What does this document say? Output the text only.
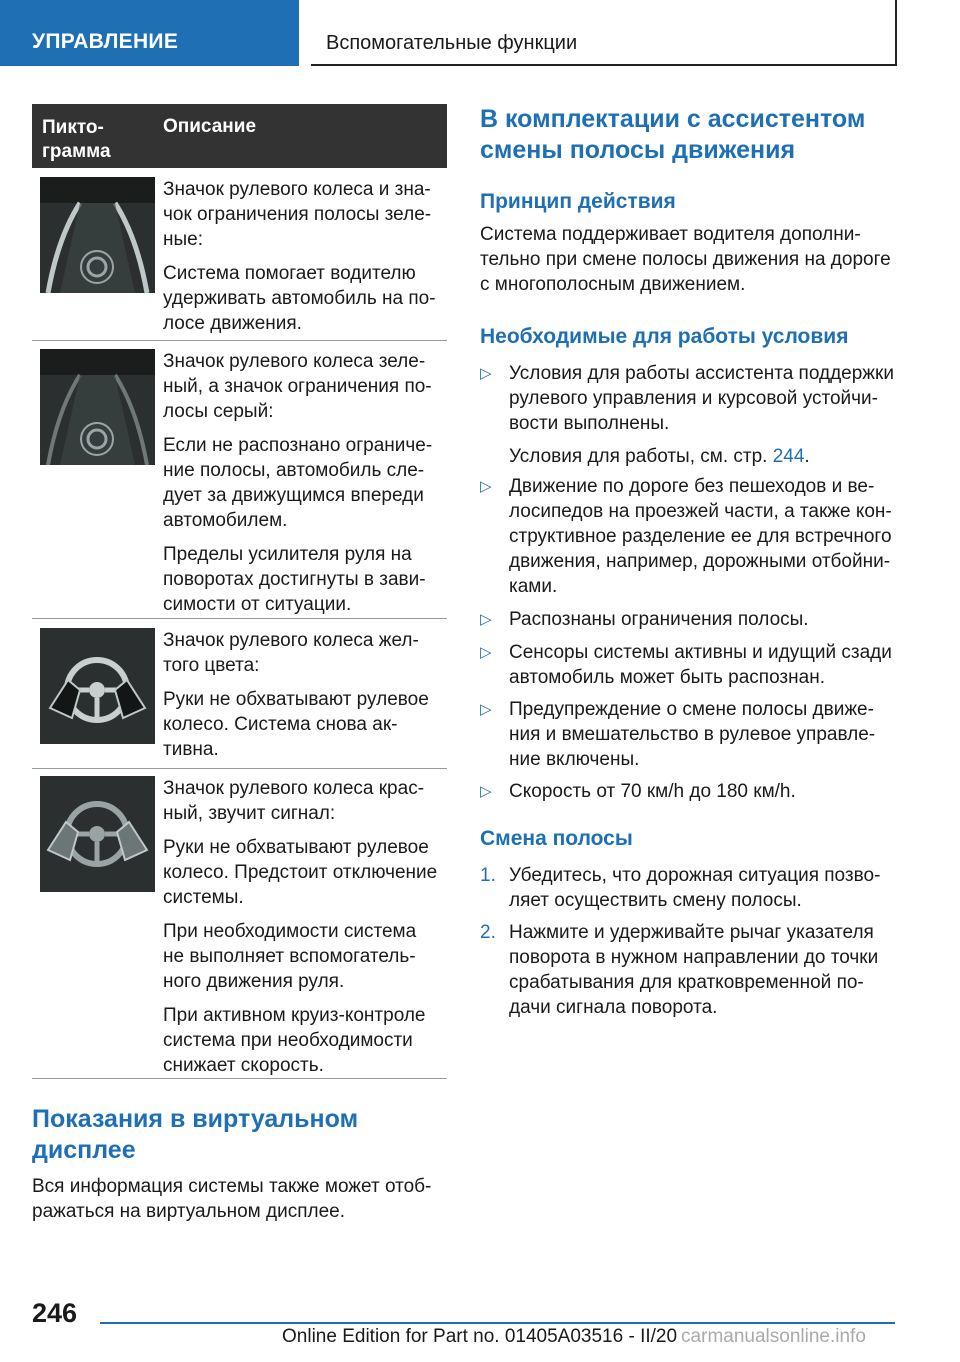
УПРАВЛЕНИЕ	Вспомогательные функции
Пикто-
грамма
Описание

Значок рулевого колеса и зна-
чок ограничения полосы зеле-
ные:

Система помогает водителю
удерживать автомобиль на по-
лосе движения.

Значок рулевого колеса зеле-
ный, а значок ограничения по-
лосы серый:

Если не распознано ограниче-
ние полосы, автомобиль сле-
дует за движущимся впереди
автомобилем.

Пределы усилителя руля на
поворотах достигнуты в зави-
симости от ситуации.

Значок рулевого колеса жел-
того цвета:

Руки не обхватывают рулевое
колесо. Система снова ак-
тивна.

Значок рулевого колеса крас-
ный, звучит сигнал:

Руки не обхватывают рулевое
колесо. Предстоит отключение
системы.

При необходимости система
не выполняет вспомогатель-
ного движения руля.

При активном круиз-контроле
система при необходимости
снижает скорость.

Показания в виртуальном
дисплее
Вся информация системы также может отоб-
ражаться на виртуальном дисплее.
В комплектации с ассистентом
смены полосы движения
Принцип действия
Система поддерживает водителя дополни-
тельно при смене полосы движения на дороге
с многополосным движением.
Необходимые для работы условия
▷ Условия для работы ассистента поддержки
рулевого управления и курсовой устойчи-
вости выполнены.

Условия для работы, см. стр. 244.

▷ Движение по дороге без пешеходов и ве-
лосипедов на проезжей части, а также кон-
структивное разделение ее для встречного
движения, например, дорожными отбойни-
ками.

▷ Распознаны ограничения полосы.

▷ Сенсоры системы активны и идущий сзади
автомобиль может быть распознан.

▷ Предупреждение о смене полосы движе-
ния и вмешательство в рулевое управле-
ние включены.

▷ Скорость от 70 км/h до 180 км/h.

Смена полосы
1. Убедитесь, что дорожная ситуация позво-
ляет осуществить смену полосы.

2. Нажмите и удерживайте рычаг указателя
поворота в нужном направлении до точки
срабатывания для кратковременной по-
дачи сигнала поворота.

246
Online Edition for Part no. 01405A03516 - II/20 carmanualsonline.info
